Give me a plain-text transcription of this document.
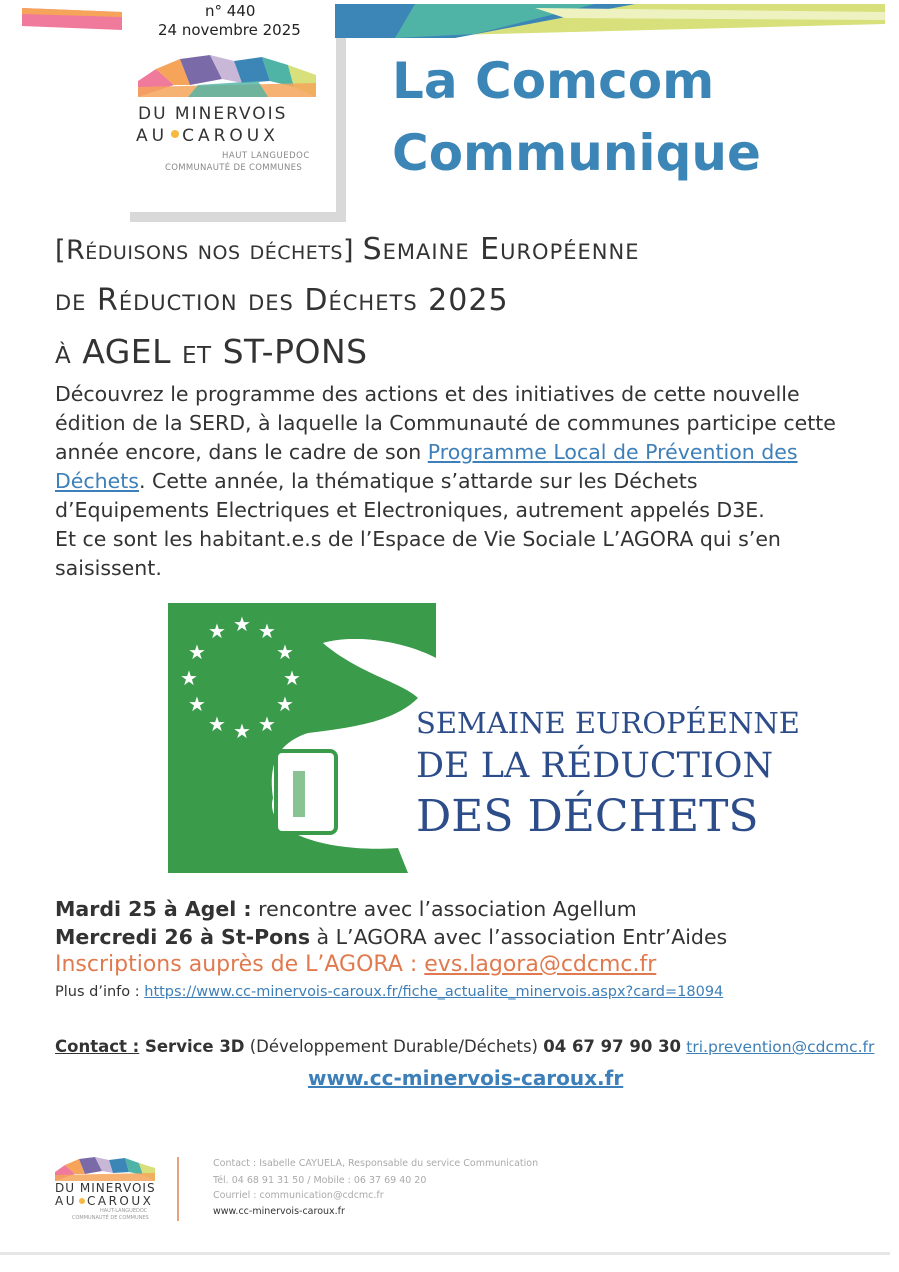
n° 440
24 novembre 2025
DU MINERVOIS
AU CAROUX
HAUT LANGUEDOC
COMMUNAUTÉ DE COMMUNES
La Comcom
Communique
[Réduisons nos déchets] Semaine Européenne
de Réduction des Déchets 2025
à AGEL et ST-PONS

Découvrez le programme des actions et des initiatives de cette nouvelle édition de la SERD, à laquelle la Communauté de communes participe cette année encore, dans le cadre de son Programme Local de Prévention des Déchets. Cette année, la thématique s’attarde sur les Déchets d’Equipements Electriques et Electroniques, autrement appelés D3E.

Et ce sont les habitant.e.s de l’Espace de Vie Sociale L’AGORA qui s’en saisissent.

★ ★ ★
★	★
★	★
★	★
★ ★ ★	SEMAINE EUROPÉENNE
DE LA RÉDUCTION
DES DÉCHETS
Mardi 25 à Agel : rencontre avec l’association Agellum
Mercredi 26 à St-Pons à L’AGORA avec l’association Entr’Aides
Inscriptions auprès de L’AGORA : evs.lagora@cdcmc.fr
Plus d’info : https://www.cc-minervois-caroux.fr/fiche_actualite_minervois.aspx?card=18094
Contact : Service 3D (Développement Durable/Déchets) 04 67 97 90 30 tri.prevention@cdcmc.fr
www.cc-minervois-caroux.fr
DU MINERVOIS
AU CAROUX
HAUT-LANGUEDOC
COMMUNAUTÉ DE COMMUNES
Contact : Isabelle CAYUELA, Responsable du service Communication
Tél. 04 68 91 31 50 / Mobile : 06 37 69 40 20
Courriel : communication@cdcmc.fr
www.cc-minervois-caroux.fr
